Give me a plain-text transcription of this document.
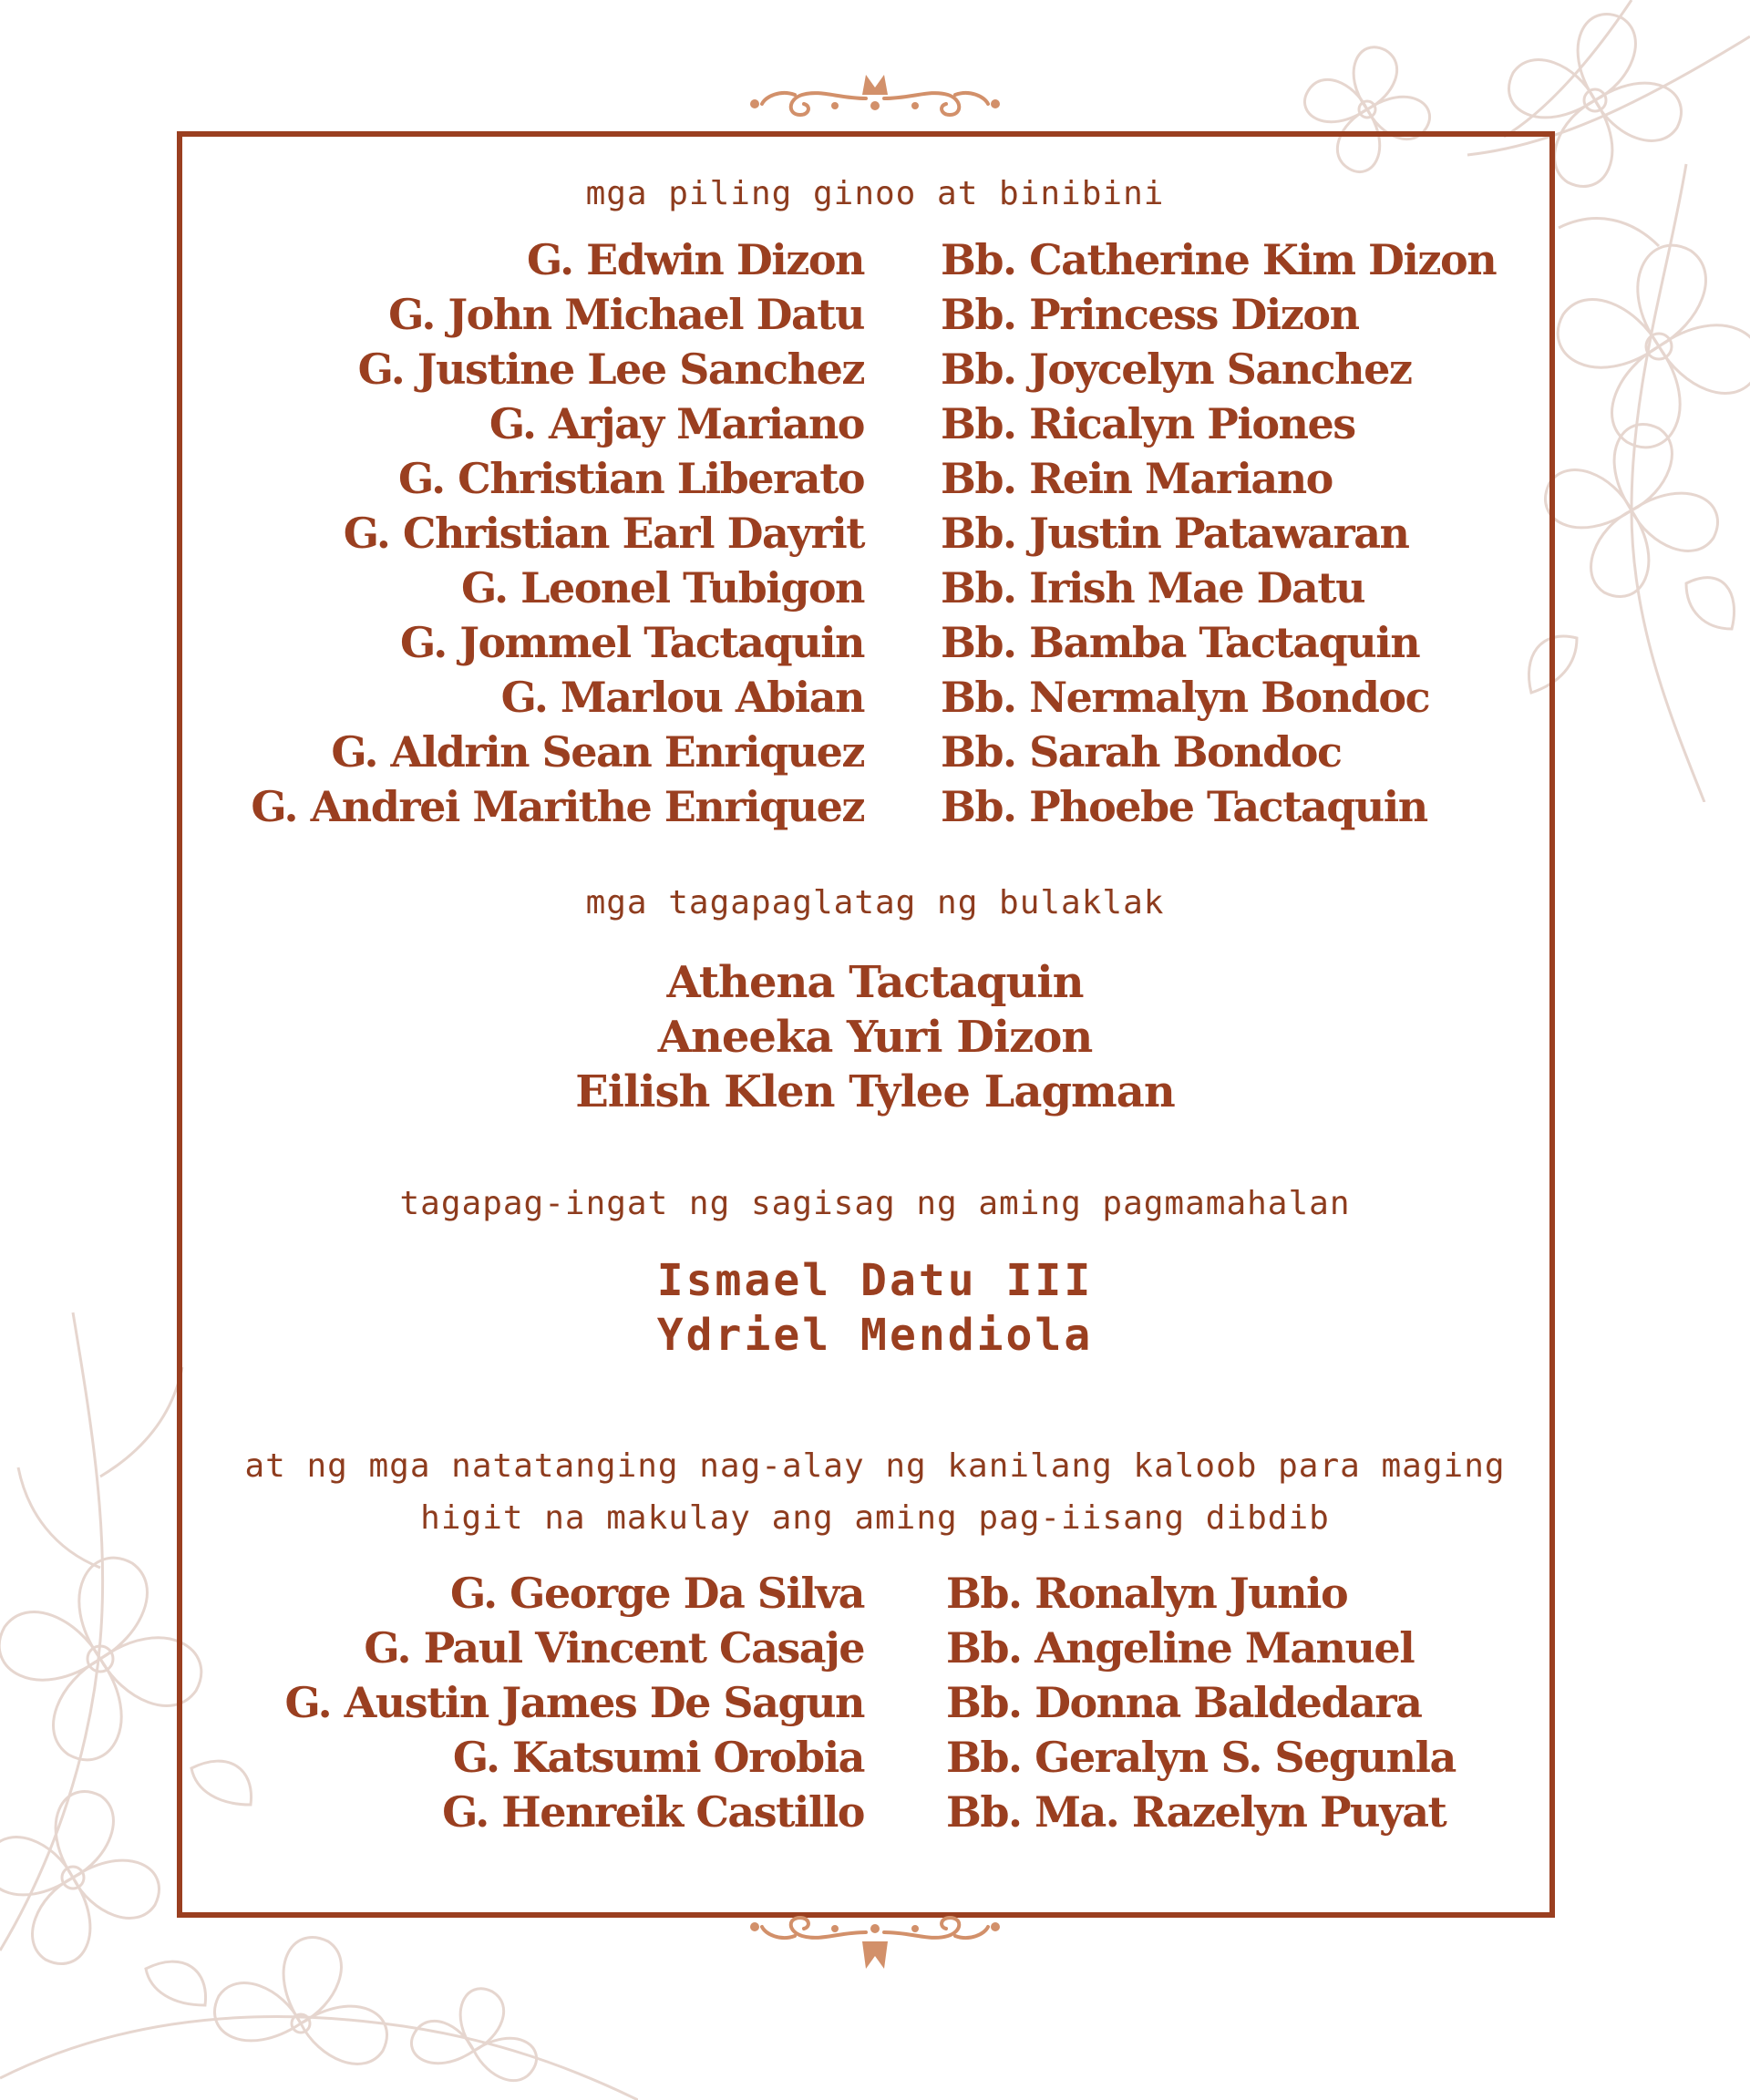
mga piling ginoo at binibini
G. Edwin Dizon
G. John Michael Datu
G. Justine Lee Sanchez
G. Arjay Mariano
G. Christian Liberato
G. Christian Earl Dayrit
G. Leonel Tubigon
G. Jommel Tactaquin
G. Marlou Abian
G. Aldrin Sean Enriquez
G. Andrei Marithe Enriquez
Bb. Catherine Kim Dizon
Bb. Princess Dizon
Bb. Joycelyn Sanchez
Bb. Ricalyn Piones
Bb. Rein Mariano
Bb. Justin Patawaran
Bb. Irish Mae Datu
Bb. Bamba Tactaquin
Bb. Nermalyn Bondoc
Bb. Sarah Bondoc
Bb. Phoebe Tactaquin
mga tagapaglatag ng bulaklak
Athena Tactaquin
Aneeka Yuri Dizon
Eilish Klen Tylee Lagman
tagapag-ingat ng sagisag ng aming pagmamahalan
Ismael Datu III
Ydriel Mendiola
at ng mga natatanging nag-alay ng kanilang kaloob para maging
higit na makulay ang aming pag-iisang dibdib
G. George Da Silva
G. Paul Vincent Casaje
G. Austin James De Sagun
G. Katsumi Orobia
G. Henreik Castillo
Bb. Ronalyn Junio
Bb. Angeline Manuel
Bb. Donna Baldedara
Bb. Geralyn S. Segunla
Bb. Ma. Razelyn Puyat
